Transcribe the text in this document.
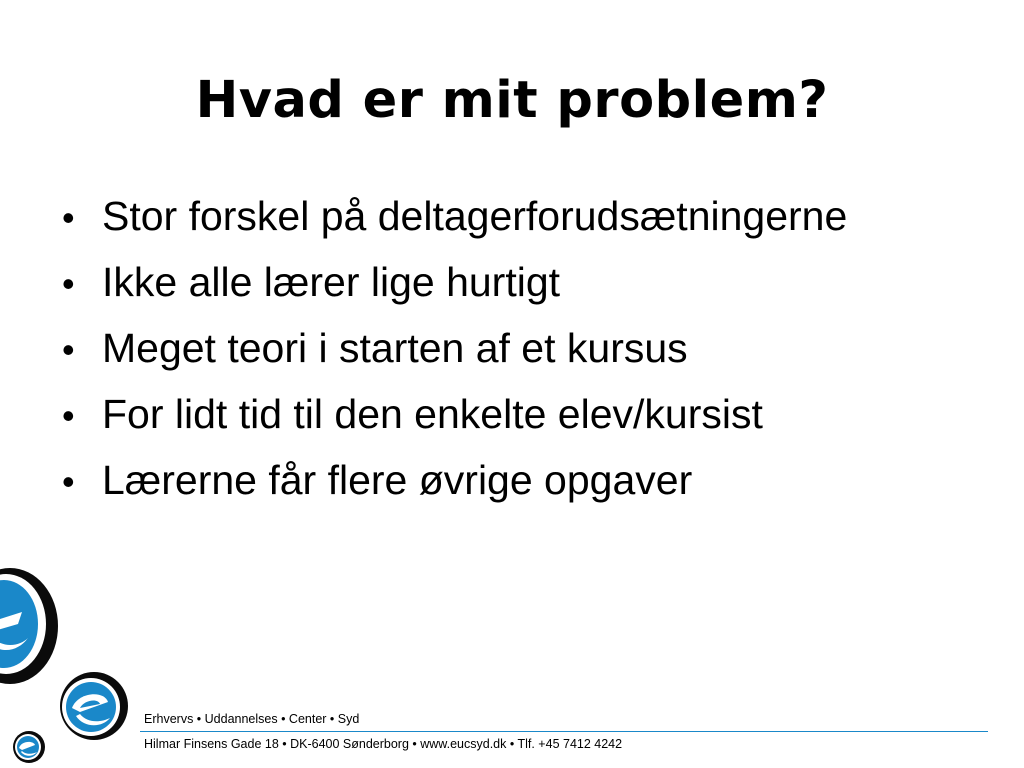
Hvad er mit problem?
• Stor forskel på deltagerforudsætningerne
• Ikke alle lærer lige hurtigt
• Meget teori i starten af et kursus
• For lidt tid til den enkelte elev/kursist
• Lærerne får flere øvrige opgaver
Erhvervs • Uddannelses • Center • Syd
Hilmar Finsens Gade 18 • DK-6400 Sønderborg • www.eucsyd.dk • Tlf. +45 7412 4242
